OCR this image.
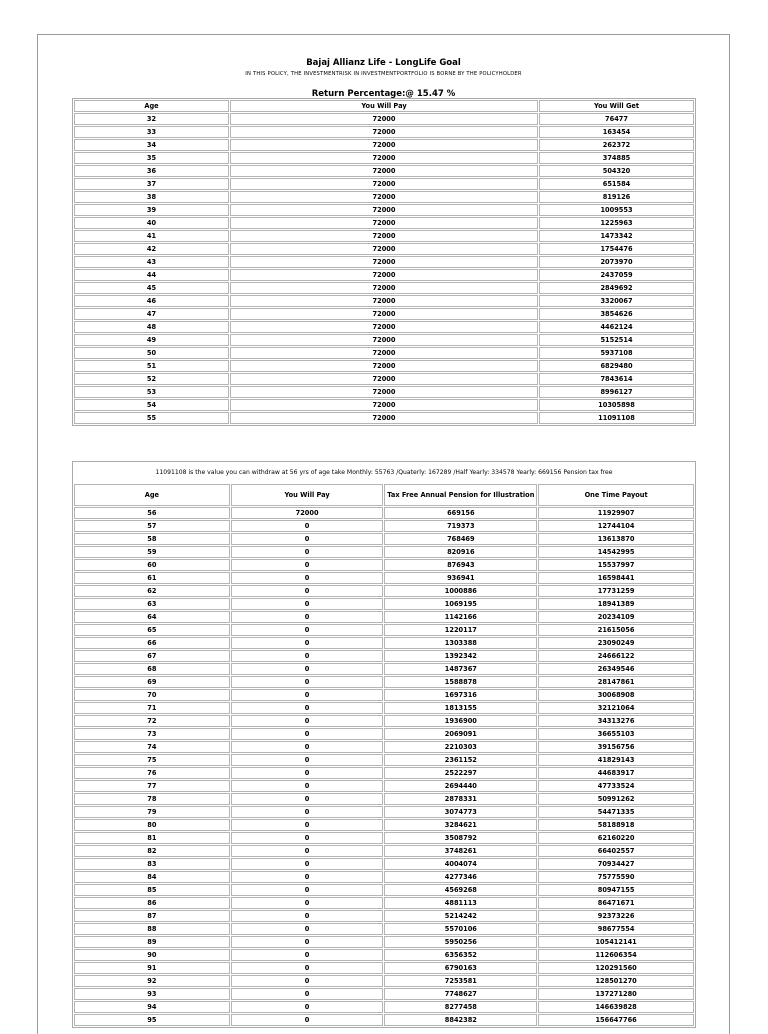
Bajaj Allianz Life - LongLife Goal
IN THIS POLICY, THE INVESTMENTRISK IN INVESTMENTPORTFOLIO IS BORNE BY THE POLICYHOLDER
Return Percentage:@ 15.47 %
Age	You Will Pay	You Will Get
32	72000	76477
33	72000	163454
34	72000	262372
35	72000	374885
36	72000	504320
37	72000	651584
38	72000	819126
39	72000	1009553
40	72000	1225963
41	72000	1473342
42	72000	1754476
43	72000	2073970
44	72000	2437059
45	72000	2849692
46	72000	3320067
47	72000	3854626
48	72000	4462124
49	72000	5152514
50	72000	5937108
51	72000	6829480
52	72000	7843614
53	72000	8996127
54	72000	10305898
55	72000	11091108
11091108 is the value you can withdraw at 56 yrs of age take Monthly: 55763 /Quaterly: 167289 /Half Yearly: 334578 Yearly: 669156 Pension tax free			
Age	You Will Pay	Tax Free Annual Pension for Illustration	One Time Payout
56	72000	669156	11929907
57	0	719373	12744104
58	0	768469	13613870
59	0	820916	14542995
60	0	876943	15537997
61	0	936941	16598441
62	0	1000886	17731259
63	0	1069195	18941389
64	0	1142166	20234109
65	0	1220117	21615056
66	0	1303388	23090249
67	0	1392342	24666122
68	0	1487367	26349546
69	0	1588878	28147861
70	0	1697316	30068908
71	0	1813155	32121064
72	0	1936900	34313276
73	0	2069091	36655103
74	0	2210303	39156756
75	0	2361152	41829143
76	0	2522297	44683917
77	0	2694440	47733524
78	0	2878331	50991262
79	0	3074773	54471335
80	0	3284621	58188918
81	0	3508792	62160220
82	0	3748261	66402557
83	0	4004074	70934427
84	0	4277346	75775590
85	0	4569268	80947155
86	0	4881113	86471671
87	0	5214242	92373226
88	0	5570106	98677554
89	0	5950256	105412141
90	0	6356352	112606354
91	0	6790163	120291560
92	0	7253581	128501270
93	0	7748627	137271280
94	0	8277458	146639828
95	0	8842382	156647766
